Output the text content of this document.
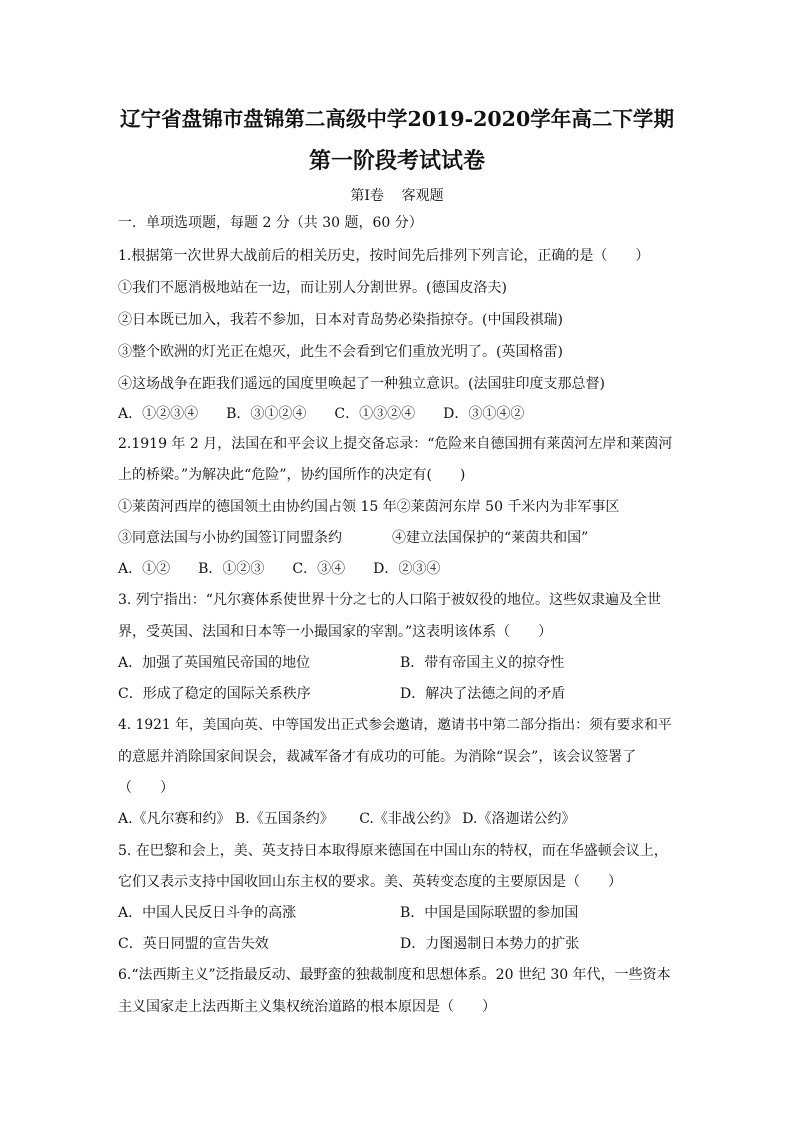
辽宁省盘锦市盘锦第二高级中学2019-2020学年高二下学期
第一阶段考试试卷
第Ⅰ卷    客观题
一．单项选项题，每题 2 分（共 30 题，60 分）
1.根据第一次世界大战前后的相关历史，按时间先后排列下列言论，正确的是（　　）
①我们不愿消极地站在一边，而让别人分割世界。(德国皮洛夫)
②日本既已加入，我若不参加，日本对青岛势必染指掠夺。(中国段祺瑞)
③整个欧洲的灯光正在熄灭，此生不会看到它们重放光明了。(英国格雷)
④这场战争在距我们遥远的国度里唤起了一种独立意识。(法国驻印度支那总督)
A．①②③④　　B．③①②④　　C．①③②④　　D．③①④②
2.1919 年 2 月，法国在和平会议上提交备忘录：“危险来自德国拥有莱茵河左岸和莱茵河
上的桥梁。”为解决此“危险”，协约国所作的决定有(　　)
①莱茵河西岸的德国领土由协约国占领 15 年②莱茵河东岸 50 千米内为非军事区
③同意法国与小协约国签订同盟条约	④建立法国保护的“莱茵共和国”
A．①②　　B．①②③　　C．③④　　D．②③④
3. 列宁指出：“凡尔赛体系使世界十分之七的人口陷于被奴役的地位。这些奴隶遍及全世
界，受英国、法国和日本等一小撮国家的宰割。”这表明该体系（　　）
A．加强了英国殖民帝国的地位	B．带有帝国主义的掠夺性
C．形成了稳定的国际关系秩序	D．解决了法德之间的矛盾
4. 1921 年，美国向英、中等国发出正式参会邀请，邀请书中第二部分指出：须有要求和平
的意愿并消除国家间误会，裁减军备才有成功的可能。为消除“误会”，该会议签署了
（　　）
A.《凡尔赛和约》 B.《五国条约》　　 C.《非战公约》 D.《洛迦诺公约》
5. 在巴黎和会上，美、英支持日本取得原来德国在中国山东的特权，而在华盛顿会议上，
它们又表示支持中国收回山东主权的要求。美、英转变态度的主要原因是（　　）
A．中国人民反日斗争的高涨	B．中国是国际联盟的参加国
C．英日同盟的宣告失效	D．力图遏制日本势力的扩张
6.“法西斯主义”泛指最反动、最野蛮的独裁制度和思想体系。20 世纪 30 年代，一些资本
主义国家走上法西斯主义集权统治道路的根本原因是（　　）
